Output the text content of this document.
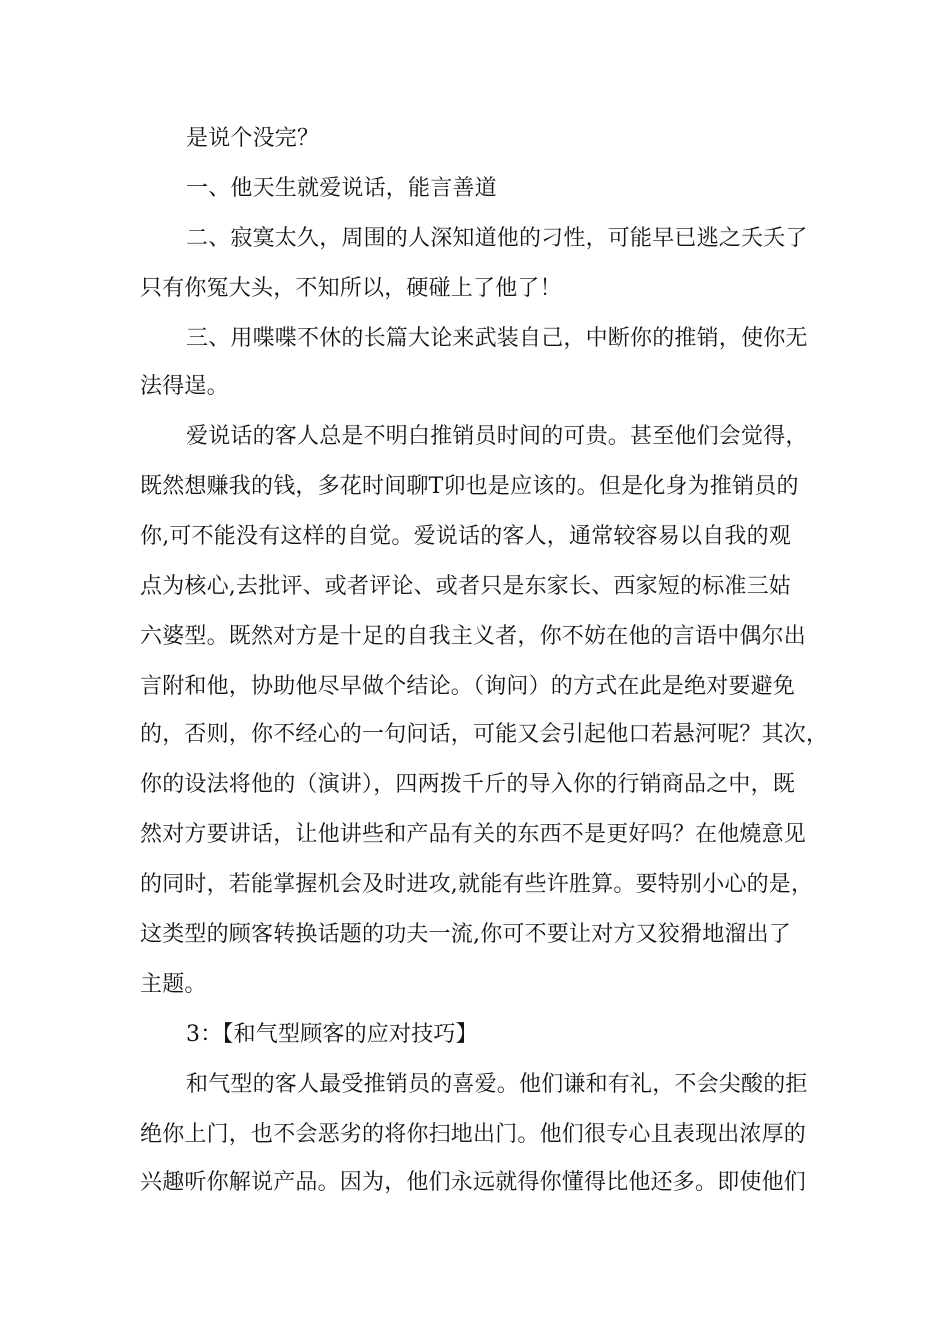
是说个没完？
一、他天生就爱说话，能言善道
二、寂寞太久，周围的人深知道他的刁性，可能早已逃之夭夭了
只有你冤大头，不知所以，硬碰上了他了！
三、用喋喋不休的长篇大论来武装自己，中断你的推销，使你无
法得逞。
爱说话的客人总是不明白推销员时间的可贵。甚至他们会觉得，
既然想赚我的钱，多花时间聊T卯也是应该的。但是化身为推销员的
你,可不能没有这样的自觉。爱说话的客人，通常较容易以自我的观
点为核心,去批评、或者评论、或者只是东家长、西家短的标准三姑
六婆型。既然对方是十足的自我主义者，你不妨在他的言语中偶尔出
言附和他，协助他尽早做个结论。（询问）的方式在此是绝对要避免
的，否则，你不经心的一句问话，可能又会引起他口若悬河呢？其次，
你的设法将他的（演讲），四两拨千斤的导入你的行销商品之中，既
然对方要讲话，让他讲些和产品有关的东西不是更好吗？在他燒意见
的同时，若能掌握机会及时进攻,就能有些许胜算。要特别小心的是，
这类型的顾客转换话题的功夫一流,你可不要让对方又狡猾地溜出了
主题。
3：【和气型顾客的应对技巧】
和气型的客人最受推销员的喜爱。他们谦和有礼，不会尖酸的拒
绝你上门，也不会恶劣的将你扫地出门。他们很专心且表现出浓厚的
兴趣听你解说产品。因为，他们永远就得你懂得比他还多。即使他们
